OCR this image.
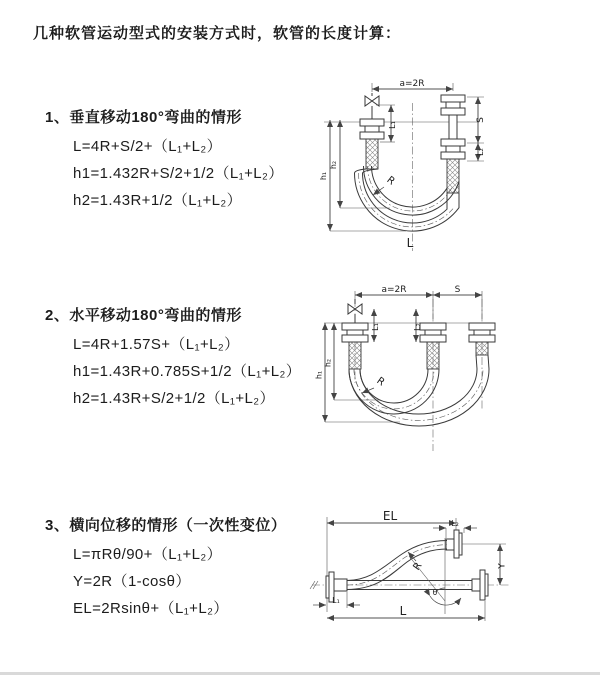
几种软管运动型式的安装方式时，软管的长度计算：
1、垂直移动180°弯曲的情形
L=4R+S/2+（L₁+L₂）
h1=1.432R+S/2+1/2（L₁+L₂）
h2=1.43R+1/2（L₁+L₂）
2、水平移动180°弯曲的情形
L=4R+1.57S+（L₁+L₂）
h1=1.43R+0.785S+1/2（L₁+L₂）
h2=1.43R+S/2+1/2（L₁+L₂）
3、横向位移的情形（一次性变位）
L=πRθ/90+（L₁+L₂）
Y=2R（1-cosθ）
EL=2Rsinθ+（L₁+L₂）
a=2R
L₁
S
L₂
h₁
h₂
R
L
a=2R	S
L₁	L₂
h₁
h₂
R
EL
L₂
Y
R
θ
L
L₁
